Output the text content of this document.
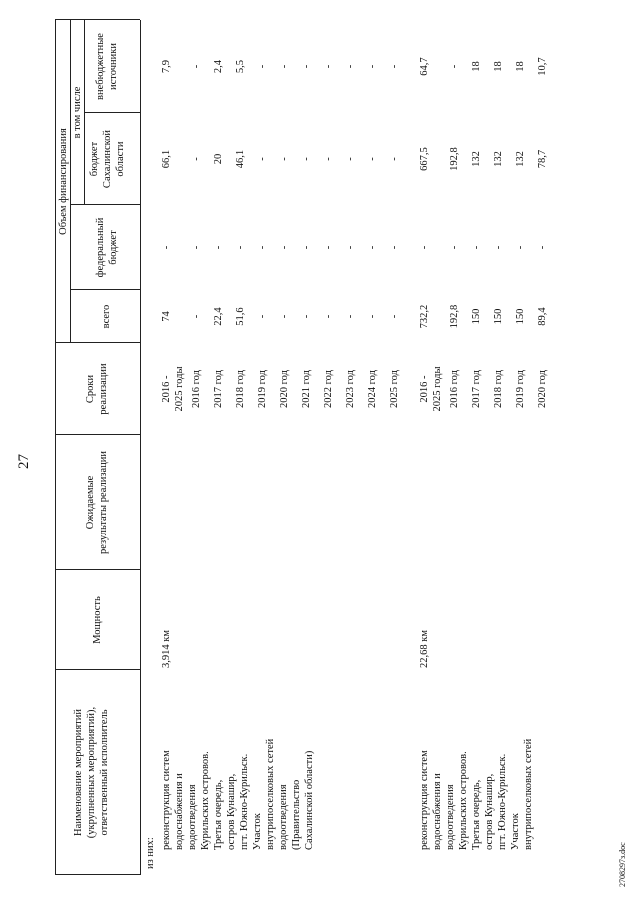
27
Наименование мероприятий (укрупненных мероприятий), ответственный исполнитель
Мощность
Ожидаемые результаты реализации
Сроки реализации
Объем финансирования
всего
федеральный бюджет
в том числе
бюджет Сахалинской области
внебюджетные источники
из них:
реконструкция систем водоснабжения и водоотведения Курильских островов. Третья очередь, остров Кунашир, пгт. Южно-Курильск. Участок внутрипоселковых сетей водоотведения (Правительство Сахалинской области)
3,914 км
2016 - 2025 годы
74
-
66,1
7,9
2016 год
-
-
-
-
2017 год
22,4
-
20
2,4
2018 год
51,6
-
46,1
5,5
2019 год
-
-
-
-
2020 год
-
-
-
-
2021 год
-
-
-
-
2022 год
-
-
-
-
2023 год
-
-
-
-
2024 год
-
-
-
-
2025 год
-
-
-
-
реконструкция систем водоснабжения и водоотведения Курильских островов. Третья очередь, остров Кунашир, пгт. Южно-Курильск. Участок внутрипоселковых сетей
22,68 км
2016 - 2025 годы
732,2
-
667,5
64,7
2016 год
192,8
-
192,8
-
2017 год
150
-
132
18
2018 год
150
-
132
18
2019 год
150
-
132
18
2020 год
89,4
-
78,7
10,7
2708297з.doc
